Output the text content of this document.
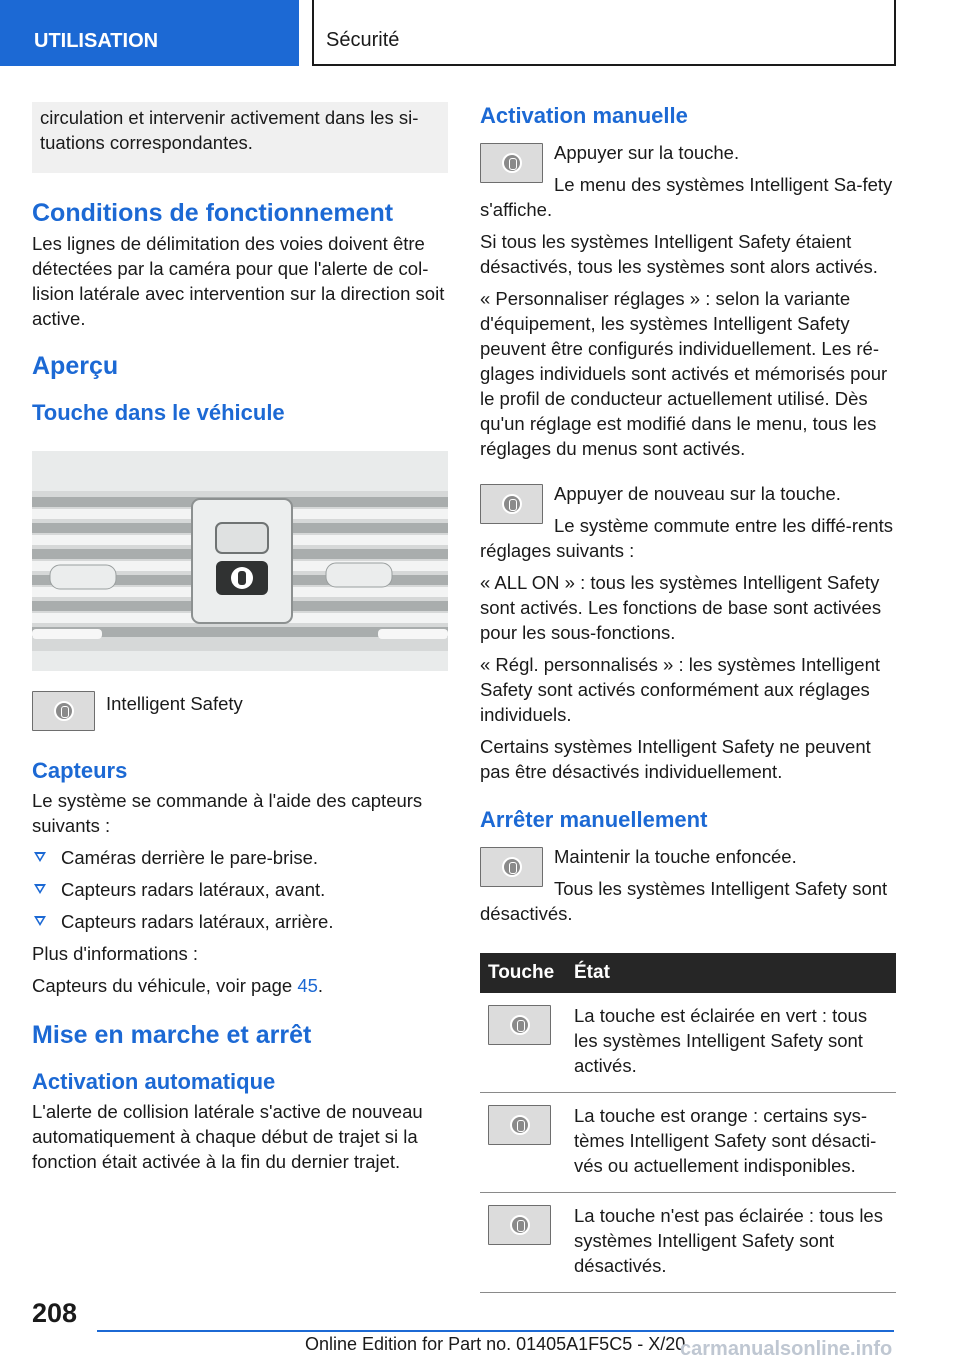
UTILISATION	Sécurité

circulation et intervenir activement dans les si-tuations correspondantes.

Conditions de fonctionnement

Les lignes de délimitation des voies doivent être détectées par la caméra pour que l'alerte de col-lision latérale avec intervention sur la direction soit active.

Aperçu
Touche dans le véhicule

Intelligent Safety

Capteurs

Le système se commande à l'aide des capteurs suivants :

Caméras derrière le pare-brise.
Capteurs radars latéraux, avant.
Capteurs radars latéraux, arrière.

Plus d'informations :

Capteurs du véhicule, voir page 45.

Mise en marche et arrêt
Activation automatique

L'alerte de collision latérale s'active de nouveau automatiquement à chaque début de trajet si la fonction était activée à la fin du dernier trajet.

Activation manuelle

Appuyer sur la touche.

Le menu des systèmes Intelligent Sa-fety s'affiche.

Si tous les systèmes Intelligent Safety étaient désactivés, tous les systèmes sont alors activés.

« Personnaliser réglages » : selon la variante d'équipement, les systèmes Intelligent Safety peuvent être configurés individuellement. Les ré-glages individuels sont activés et mémorisés pour le profil de conducteur actuellement utilisé. Dès qu'un réglage est modifié dans le menu, tous les réglages du menus sont activés.

Appuyer de nouveau sur la touche.

Le système commute entre les diffé-rents réglages suivants :

« ALL ON » : tous les systèmes Intelligent Safety sont activés. Les fonctions de base sont activées pour les sous-fonctions.

« Régl. personnalisés » : les systèmes Intelligent Safety sont activés conformément aux réglages individuels.

Certains systèmes Intelligent Safety ne peuvent pas être désactivés individuellement.

Arrêter manuellement

Maintenir la touche enfoncée.

Tous les systèmes Intelligent Safety sont désactivés.

Touche	État

	La touche est éclairée en vert : tous les systèmes Intelligent Safety sont activés.

	La touche est orange : certains sys-tèmes Intelligent Safety sont désacti-vés ou actuellement indisponibles.

	La touche n'est pas éclairée : tous les systèmes Intelligent Safety sont désactivés.
208
Online Edition for Part no. 01405A1F5C5 - X/20
carmanualsonline.info
